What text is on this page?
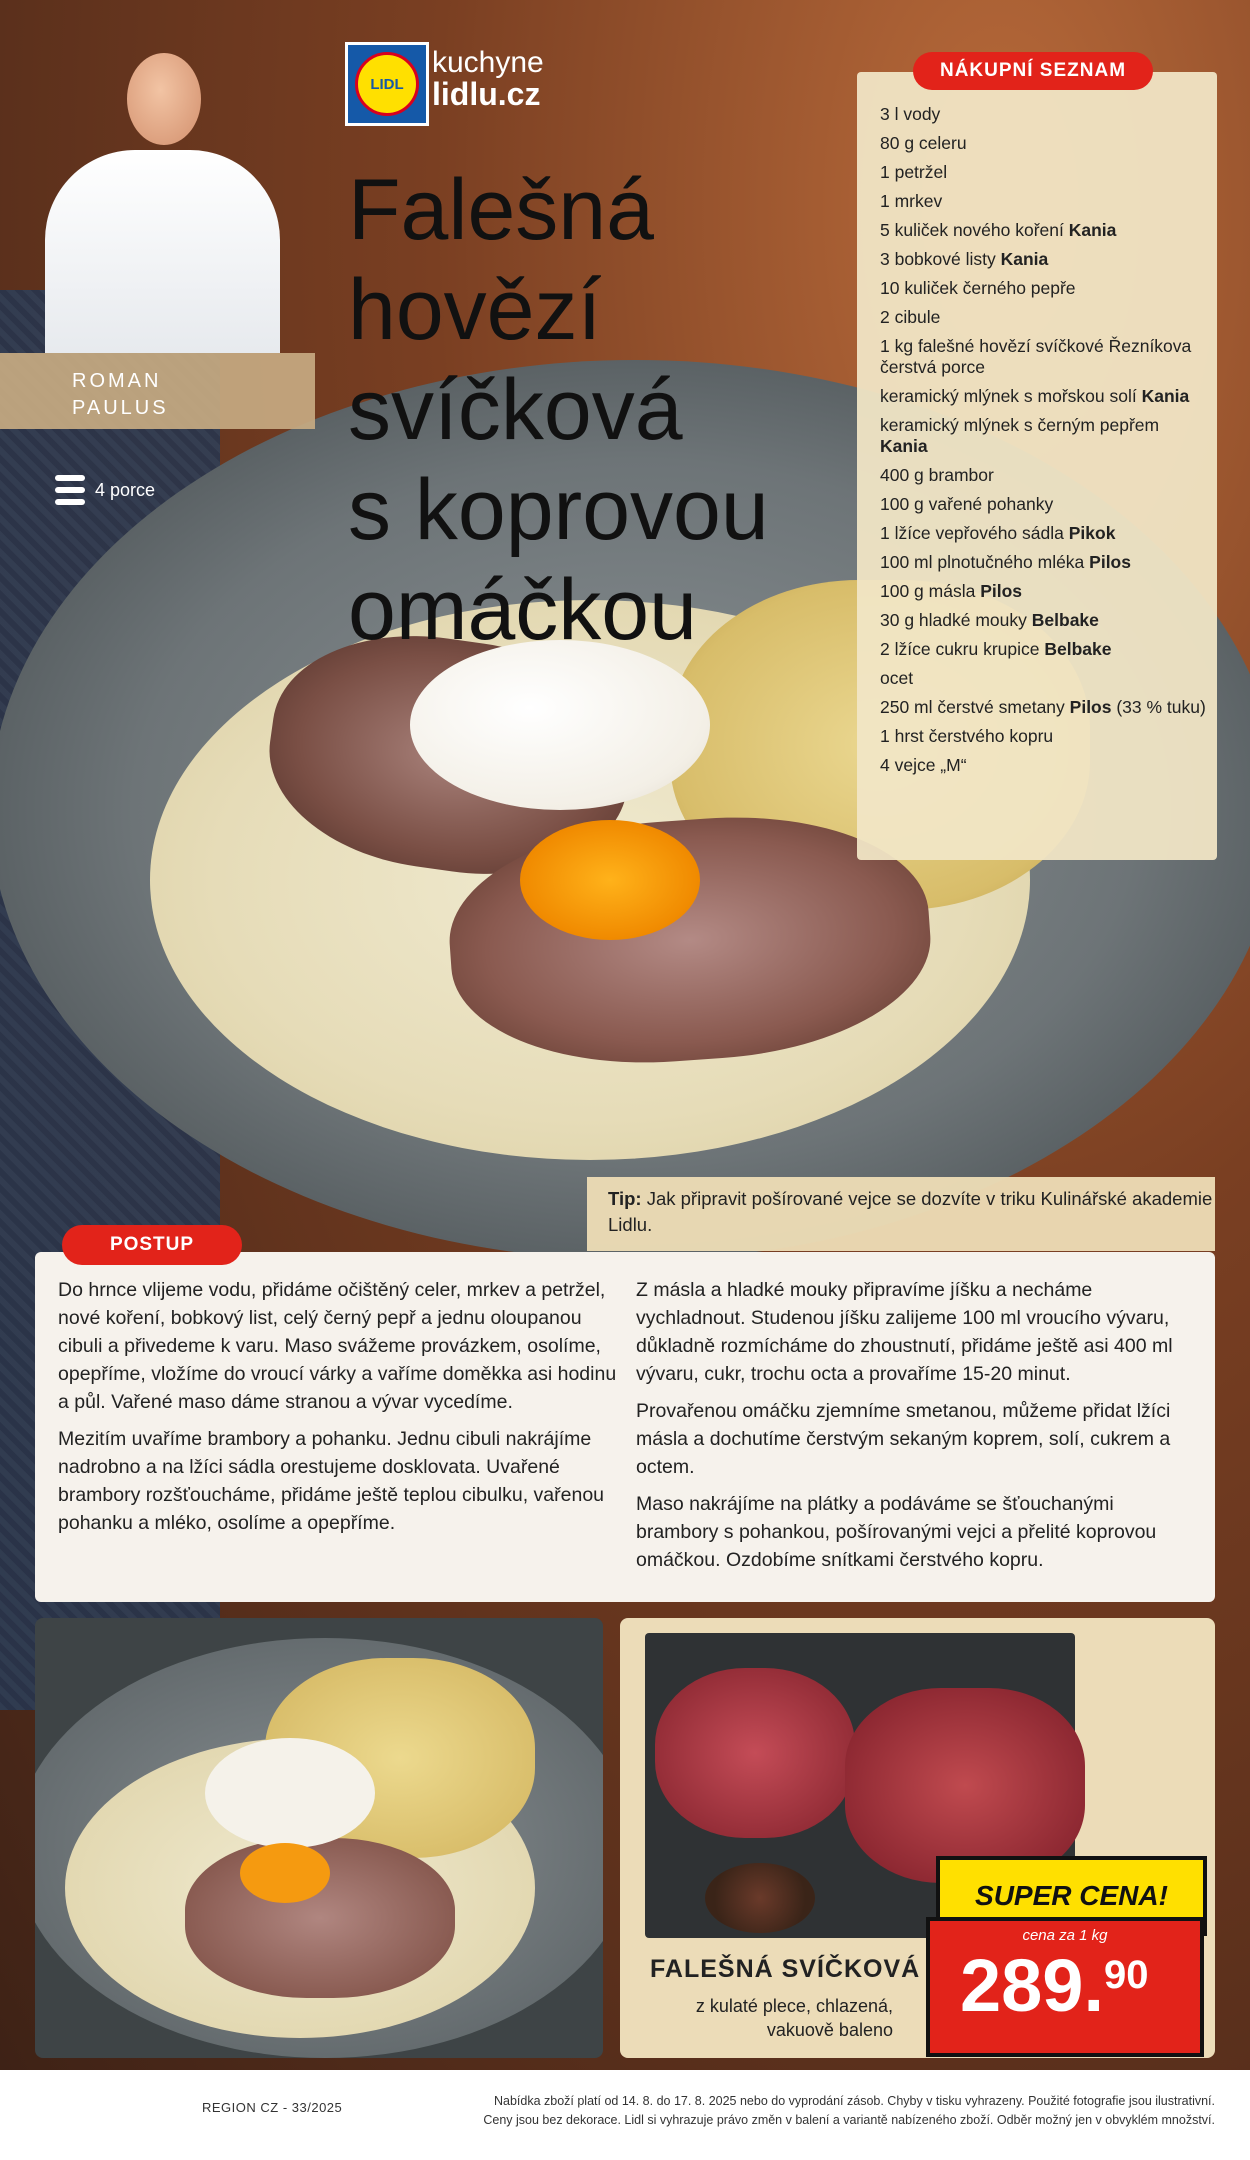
LIDL
kuchyne
lidlu.cz
ROMAN
PAULUS
4 porce
Falešná
hovězí
svíčková
s koprovou
omáčkou
NÁKUPNÍ SEZNAM
3 l vody
80 g celeru
1 petržel
1 mrkev
5 kuliček nového koření Kania
3 bobkové listy Kania
10 kuliček černého pepře
2 cibule
1 kg falešné hovězí svíčkové Řezníkova čerstvá porce
keramický mlýnek s mořskou solí Kania
keramický mlýnek s černým pepřem Kania
400 g brambor
100 g vařené pohanky
1 lžíce vepřového sádla Pikok
100 ml plnotučného mléka Pilos
100 g másla Pilos
30 g hladké mouky Belbake
2 lžíce cukru krupice Belbake
ocet
250 ml čerstvé smetany Pilos (33 % tuku)
1 hrst čerstvého kopru
4 vejce „M“
Tip: Jak připravit pošírované vejce se dozvíte v triku Kulinářské akademie Lidlu.
POSTUP

Do hrnce vlijeme vodu, přidáme očištěný celer, mrkev a petržel, nové koření, bobkový list, celý černý pepř a jednu oloupanou cibuli a přivedeme k varu. Maso svážeme provázkem, osolíme, opepříme, vložíme do vroucí várky a vaříme doměkka asi hodinu a půl. Vařené maso dáme stranou a vývar vycedíme.

Mezitím uvaříme brambory a pohanku. Jednu cibuli nakrájíme nadrobno a na lžíci sádla orestujeme dosklovata. Uvařené brambory rozšťoucháme, přidáme ještě teplou cibulku, vařenou pohanku a mléko, osolíme a opepříme.

Z másla a hladké mouky připravíme jíšku a necháme vychladnout. Studenou jíšku zalijeme 100 ml vroucího vývaru, důkladně rozmícháme do zhoustnutí, přidáme ještě asi 400 ml vývaru, cukr, trochu octa a provaříme 15-20 minut.

Provařenou omáčku zjemníme smetanou, můžeme přidat lžíci másla a dochutíme čerstvým sekaným koprem, solí, cukrem a octem.

Maso nakrájíme na plátky a podáváme se šťouchanými brambory s pohankou, pošírovanými vejci a přelité koprovou omáčkou. Ozdobíme snítkami čerstvého kopru.

FALEŠNÁ SVÍČKOVÁ
z kulaté plece, chlazená, vakuově baleno
SUPER CENA!
cena za 1 kg
289.90
REGION CZ - 33/2025	Nabídka zboží platí od 14. 8. do 17. 8. 2025 nebo do vyprodání zásob. Chyby v tisku vyhrazeny. Použité fotografie jsou ilustrativní.
Ceny jsou bez dekorace. Lidl si vyhrazuje právo změn v balení a variantě nabízeného zboží. Odběr možný jen v obvyklém množství.
